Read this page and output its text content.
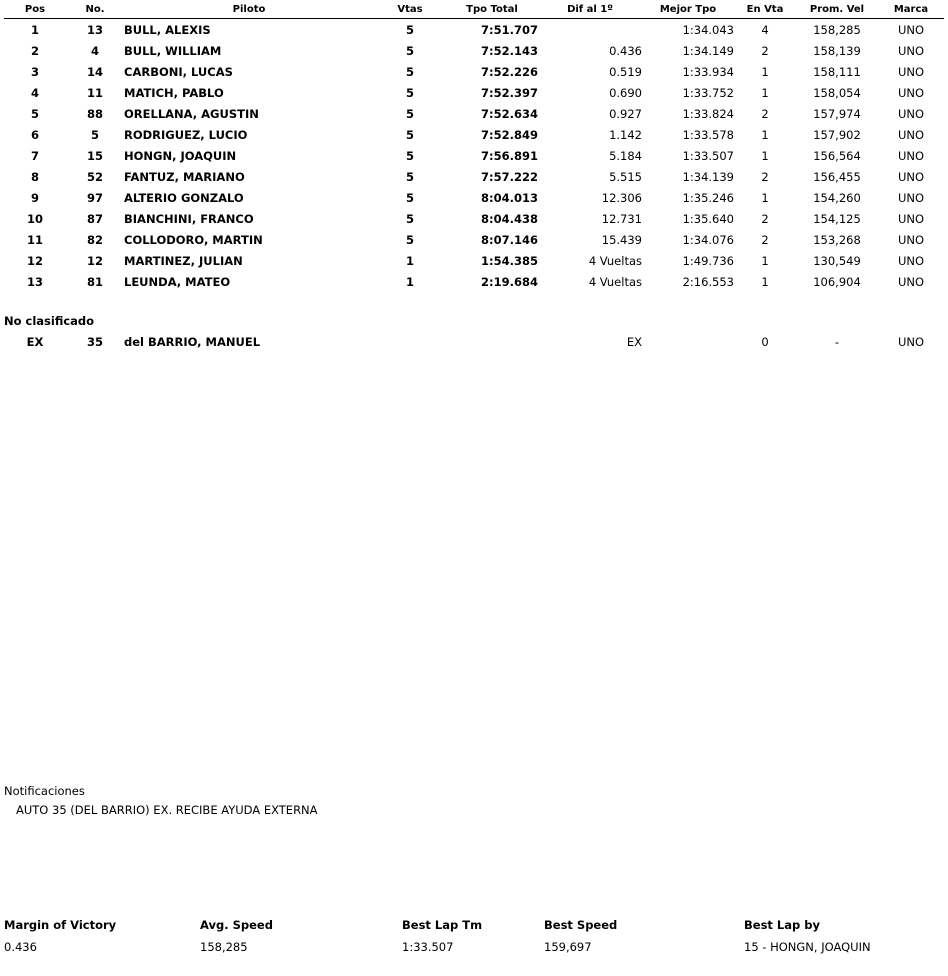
Pos	No.	Piloto	Vtas	Tpo Total	Dif al 1º	Mejor Tpo	En Vta	Prom. Vel	Marca
1	13	BULL, ALEXIS	5	7:51.707		1:34.043	4	158,285	UNO
2	4	BULL, WILLIAM	5	7:52.143	0.436	1:34.149	2	158,139	UNO
3	14	CARBONI, LUCAS	5	7:52.226	0.519	1:33.934	1	158,111	UNO
4	11	MATICH, PABLO	5	7:52.397	0.690	1:33.752	1	158,054	UNO
5	88	ORELLANA, AGUSTIN	5	7:52.634	0.927	1:33.824	2	157,974	UNO
6	5	RODRIGUEZ, LUCIO	5	7:52.849	1.142	1:33.578	1	157,902	UNO
7	15	HONGN, JOAQUIN	5	7:56.891	5.184	1:33.507	1	156,564	UNO
8	52	FANTUZ, MARIANO	5	7:57.222	5.515	1:34.139	2	156,455	UNO
9	97	ALTERIO GONZALO	5	8:04.013	12.306	1:35.246	1	154,260	UNO
10	87	BIANCHINI, FRANCO	5	8:04.438	12.731	1:35.640	2	154,125	UNO
11	82	COLLODORO, MARTIN	5	8:07.146	15.439	1:34.076	2	153,268	UNO
12	12	MARTINEZ, JULIAN	1	1:54.385	4 Vueltas	1:49.736	1	130,549	UNO
13	81	LEUNDA, MATEO	1	2:19.684	4 Vueltas	2:16.553	1	106,904	UNO
No clasificado
EX	35	del BARRIO, MANUEL			EX		0	-	UNO
Notificaciones
AUTO 35 (DEL BARRIO) EX. RECIBE AYUDA EXTERNA
Margin of Victory	Avg. Speed	Best Lap Tm	Best Speed	Best Lap by
0.436	158,285	1:33.507	159,697	15 - HONGN, JOAQUIN
